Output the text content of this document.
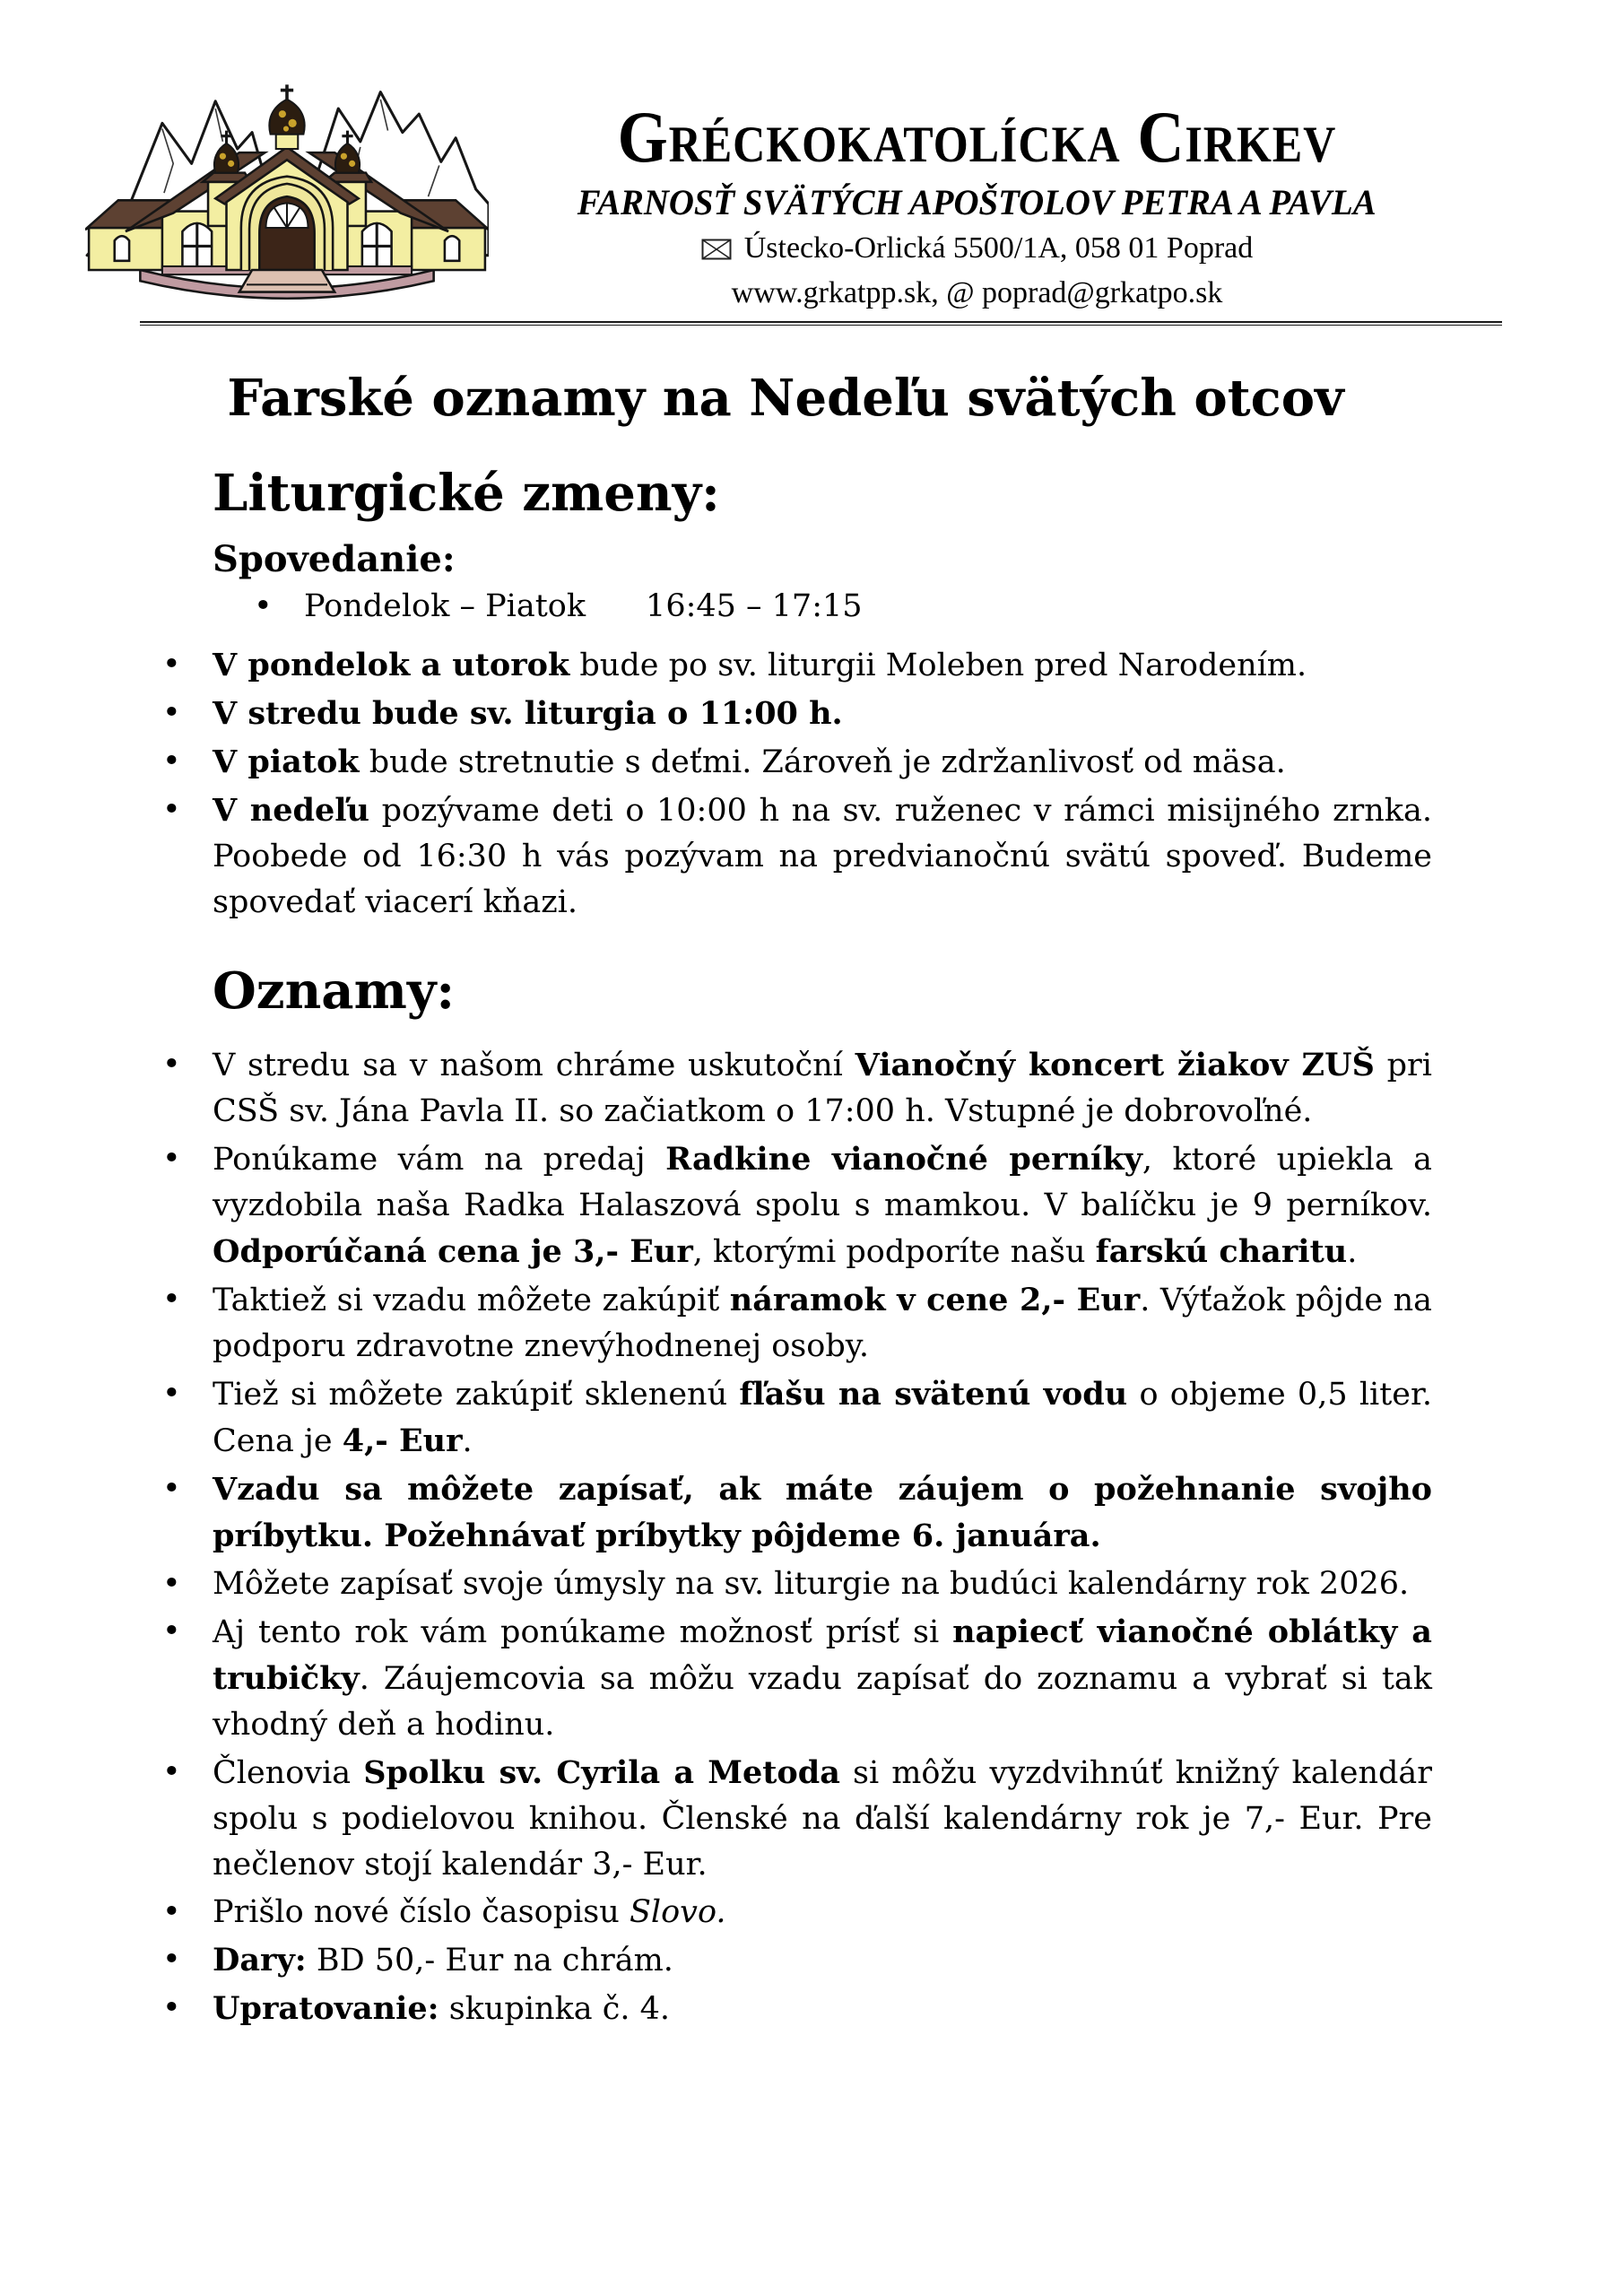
Gréckokatolícka Cirkev
FARNOSŤ SVÄTÝCH APOŠTOLOV PETRA A PAVLA
Ústecko-Orlická 5500/1A, 058 01 Poprad
www.grkatpp.sk, @ poprad@grkatpo.sk
Farské oznamy na Nedeľu svätých otcov
Liturgické zmeny:
Spovedanie:
• Pondelok – Piatok 16:45 – 17:15
• V pondelok a utorok bude po sv. liturgii Moleben pred Narodením.
• V stredu bude sv. liturgia o 11:00 h.
• V piatok bude stretnutie s deťmi. Zároveň je zdržanlivosť od mäsa.
• V nedeľu pozývame deti o 10:00 h na sv. ruženec v rámci misijného zrnka. Poobede od 16:30 h vás pozývam na predvianočnú svätú spoveď. Budeme spovedať viacerí kňazi.
Oznamy:
• V stredu sa v našom chráme uskutoční Vianočný koncert žiakov ZUŠ pri CSŠ sv. Jána Pavla II. so začiatkom o 17:00 h. Vstupné je dobrovoľné.
• Ponúkame vám na predaj Radkine vianočné perníky, ktoré upiekla a vyzdobila naša Radka Halaszová spolu s mamkou. V balíčku je 9 perníkov. Odporúčaná cena je 3,- Eur, ktorými podporíte našu farskú charitu.
• Taktiež si vzadu môžete zakúpiť náramok v cene 2,- Eur. Výťažok pôjde na podporu zdravotne znevýhodnenej osoby.
• Tiež si môžete zakúpiť sklenenú fľašu na svätenú vodu o objeme 0,5 liter. Cena je 4,- Eur.
• Vzadu sa môžete zapísať, ak máte záujem o požehnanie svojho príbytku. Požehnávať príbytky pôjdeme 6. januára.
• Môžete zapísať svoje úmysly na sv. liturgie na budúci kalendárny rok 2026.
• Aj tento rok vám ponúkame možnosť prísť si napiecť vianočné oblátky a trubičky. Záujemcovia sa môžu vzadu zapísať do zoznamu a vybrať si tak vhodný deň a hodinu.
• Členovia Spolku sv. Cyrila a Metoda si môžu vyzdvihnúť knižný kalendár spolu s podielovou knihou. Členské na ďalší kalendárny rok je 7,- Eur. Pre nečlenov stojí kalendár 3,- Eur.
• Prišlo nové číslo časopisu Slovo.
• Dary: BD 50,- Eur na chrám.
• Upratovanie: skupinka č. 4.
